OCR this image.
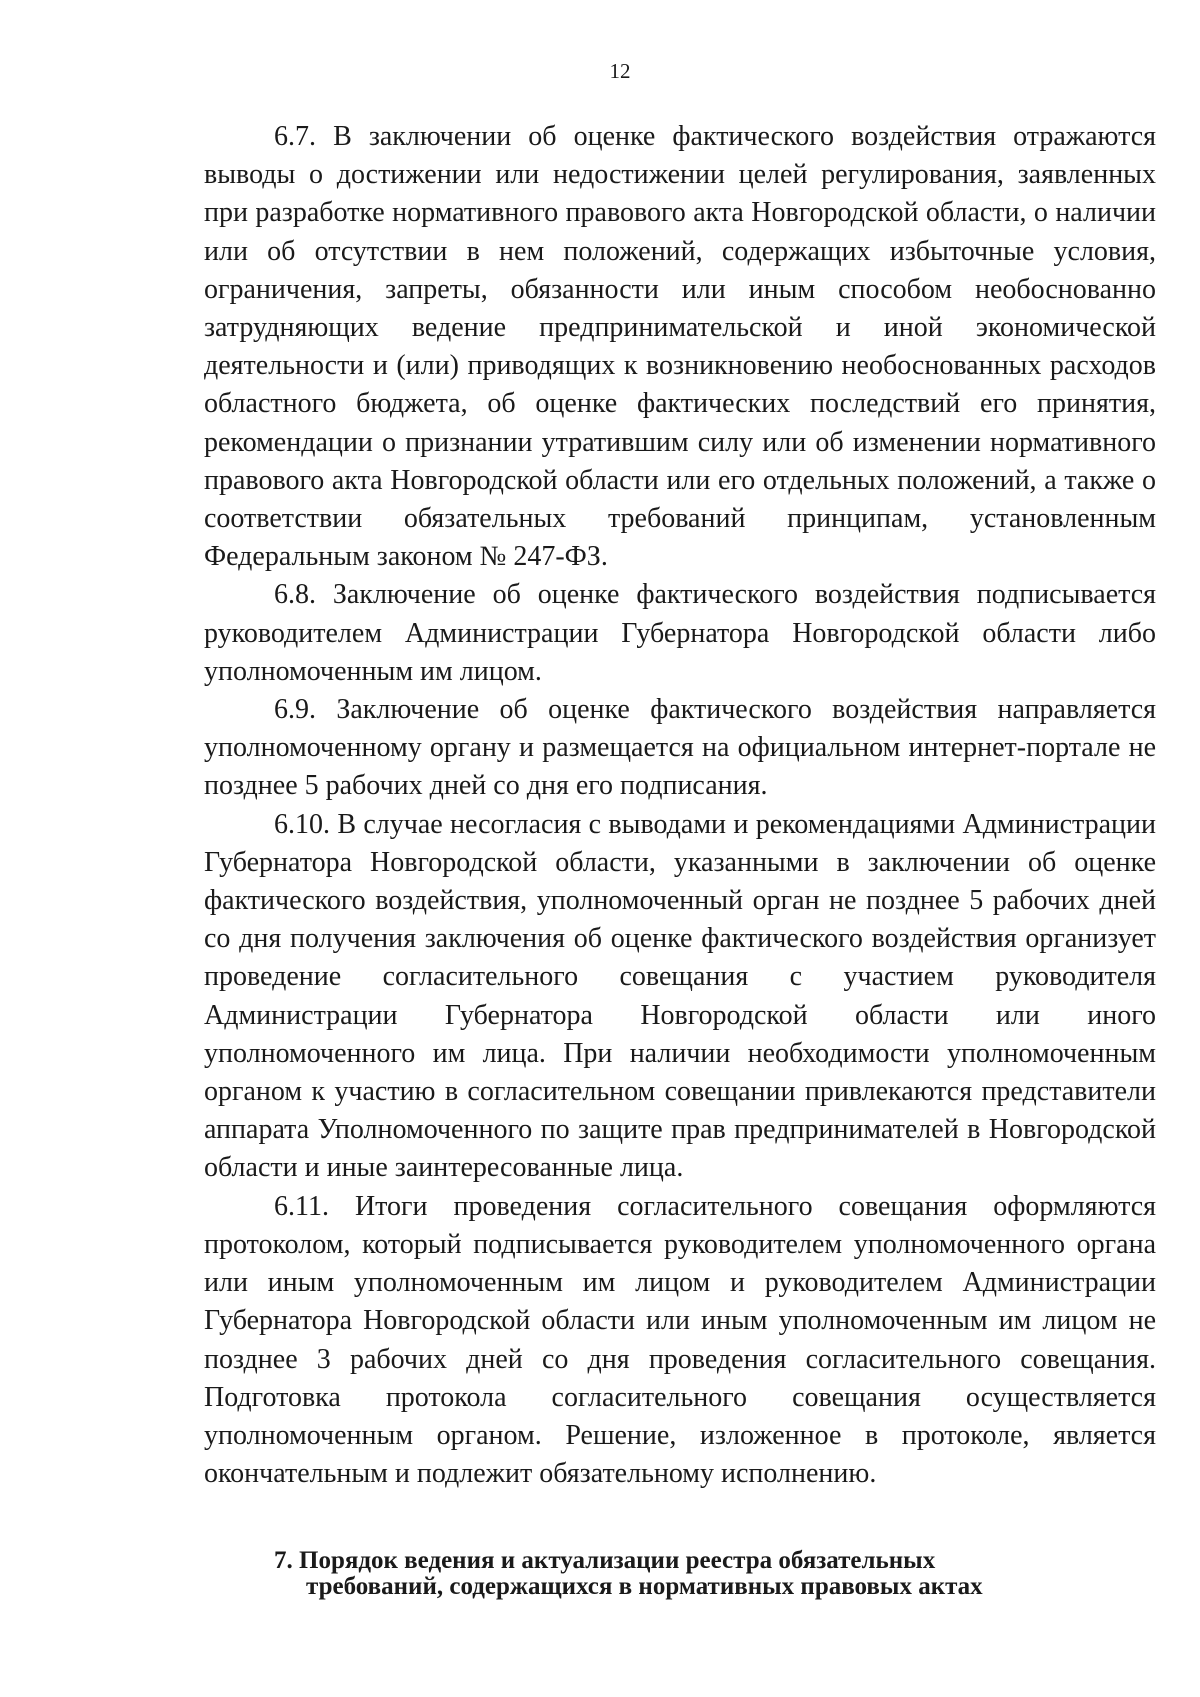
12

6.7. В заключении об оценке фактического воздействия отражаются выводы о достижении или недостижении целей регулирования, заявленных при разработке нормативного правового акта Новгородской области, о наличии или об отсутствии в нем положений, содержащих избыточные условия, ограничения, запреты, обязанности или иным способом необоснованно затрудняющих ведение предпринимательской и иной экономической деятельности и (или) приводящих к возникновению необоснованных расходов областного бюджета, об оценке фактических последствий его принятия, рекомендации о признании утратившим силу или об изменении нормативного правового акта Новгородской области или его отдельных положений, а также о соответствии обязательных требований принципам, установленным Федеральным законом № 247-ФЗ.

6.8. Заключение об оценке фактического воздействия подписывается руководителем Администрации Губернатора Новгородской области либо уполномоченным им лицом.

6.9. Заключение об оценке фактического воздействия направляется уполномоченному органу и размещается на официальном интернет-портале не позднее 5 рабочих дней со дня его подписания.

6.10. В случае несогласия с выводами и рекомендациями Администрации Губернатора Новгородской области, указанными в заключении об оценке фактического воздействия, уполномоченный орган не позднее 5 рабочих дней со дня получения заключения об оценке фактического воздействия организует проведение согласительного совещания с участием руководителя Администрации Губернатора Новгородской области или иного уполномоченного им лица. При наличии необходимости уполномоченным органом к участию в согласительном совещании привлекаются представители аппарата Уполномоченного по защите прав предпринимателей в Новгородской области и иные заинтересованные лица.

6.11. Итоги проведения согласительного совещания оформляются протоколом, который подписывается руководителем уполномоченного органа или иным уполномоченным им лицом и руководителем Администрации Губернатора Новгородской области или иным уполномоченным им лицом не позднее 3 рабочих дней со дня проведения согласительного совещания. Подготовка протокола согласительного совещания осуществляется уполномоченным органом. Решение, изложенное в протоколе, является окончательным и подлежит обязательному исполнению.

7. Порядок ведения и актуализации реестра обязательных
требований, содержащихся в нормативных правовых актах
